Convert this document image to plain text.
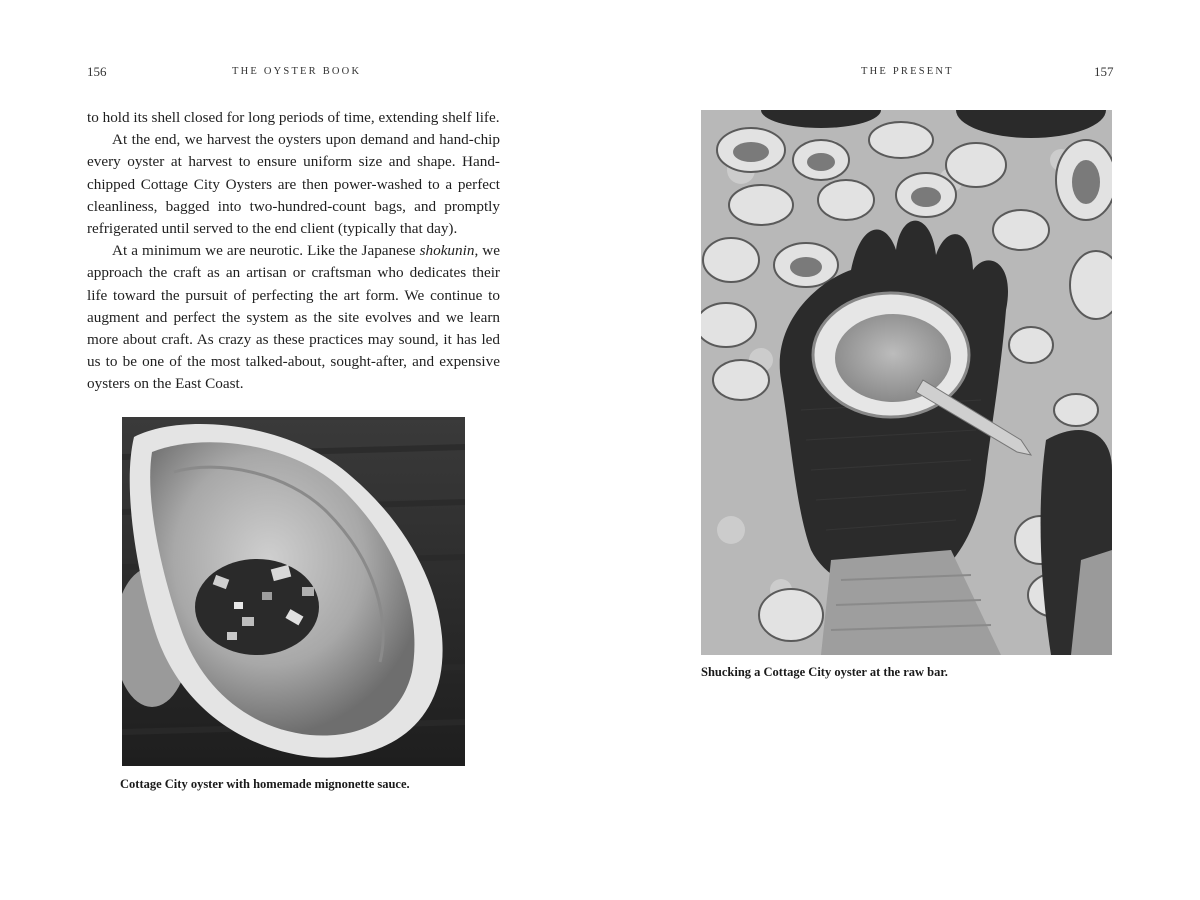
156	THE OYSTER BOOK

to hold its shell closed for long periods of time, extending shelf life.

At the end, we harvest the oysters upon demand and hand-chip every oyster at harvest to ensure uniform size and shape. Hand-chipped Cottage City Oysters are then power-washed to a perfect cleanliness, bagged into two-hundred-count bags, and promptly refrigerated until served to the end client (typically that day).

At a minimum we are neurotic. Like the Japanese shokunin, we approach the craft as an artisan or craftsman who dedicates their life toward the pursuit of perfecting the art form. We continue to augment and perfect the system as the site evolves and we learn more about craft. As crazy as these practices may sound, it has led us to be one of the most talked-about, sought-after, and expensive oysters on the East Coast.

Cottage City oyster with homemade mignonette sauce.
THE PRESENT	157
Shucking a Cottage City oyster at the raw bar.
